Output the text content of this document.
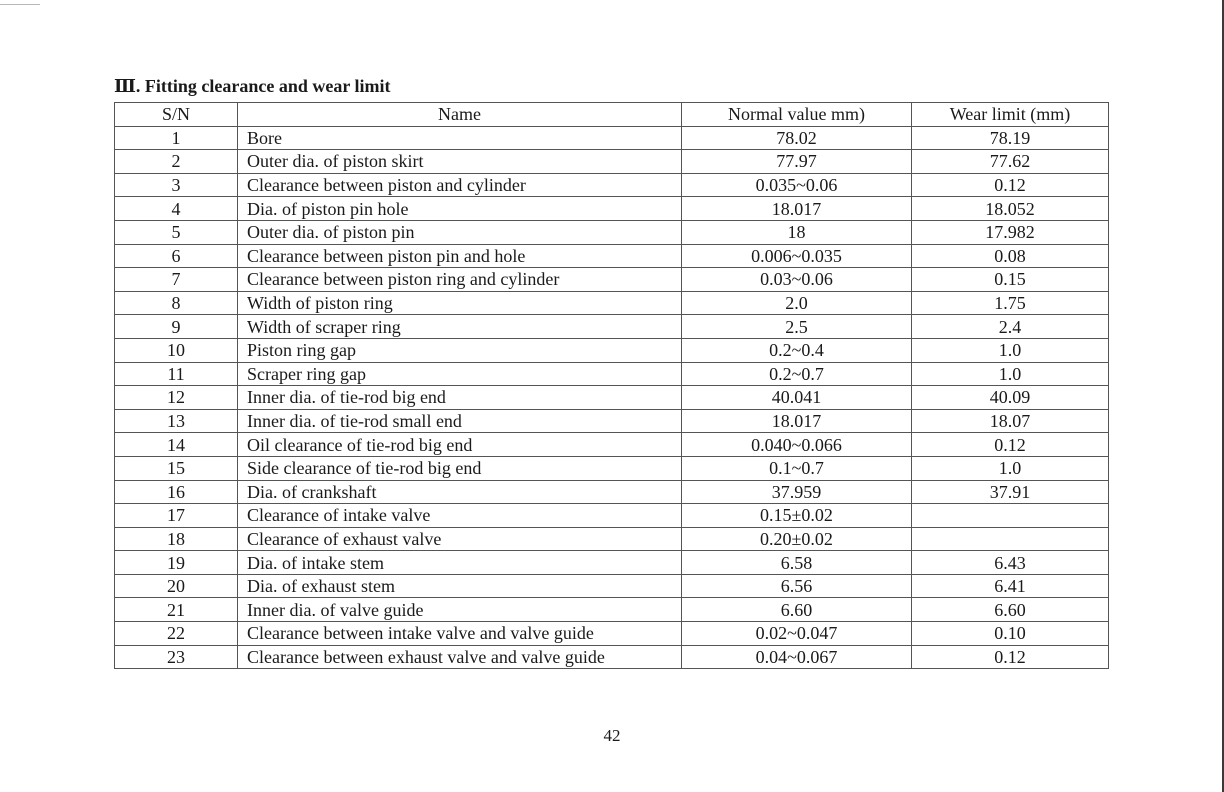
Ⅲ. Fitting clearance and wear limit
S/N	Name	Normal value mm)	Wear limit (mm)
1	Bore	78.02	78.19
2	Outer dia. of piston skirt	77.97	77.62
3	Clearance between piston and cylinder	0.035~0.06	0.12
4	Dia. of piston pin hole	18.017	18.052
5	Outer dia. of piston pin	18	17.982
6	Clearance between piston pin and hole	0.006~0.035	0.08
7	Clearance between piston ring and cylinder	0.03~0.06	0.15
8	Width of piston ring	2.0	1.75
9	Width of scraper ring	2.5	2.4
10	Piston ring gap	0.2~0.4	1.0
11	Scraper ring gap	0.2~0.7	1.0
12	Inner dia. of tie-rod big end	40.041	40.09
13	Inner dia. of tie-rod small end	18.017	18.07
14	Oil clearance of tie-rod big end	0.040~0.066	0.12
15	Side clearance of tie-rod big end	0.1~0.7	1.0
16	Dia. of crankshaft	37.959	37.91
17	Clearance of intake valve	0.15±0.02	
18	Clearance of exhaust valve	0.20±0.02	
19	Dia. of intake stem	6.58	6.43
20	Dia. of exhaust stem	6.56	6.41
21	Inner dia. of valve guide	6.60	6.60
22	Clearance between intake valve and valve guide	0.02~0.047	0.10
23	Clearance between exhaust valve and valve guide	0.04~0.067	0.12
42
